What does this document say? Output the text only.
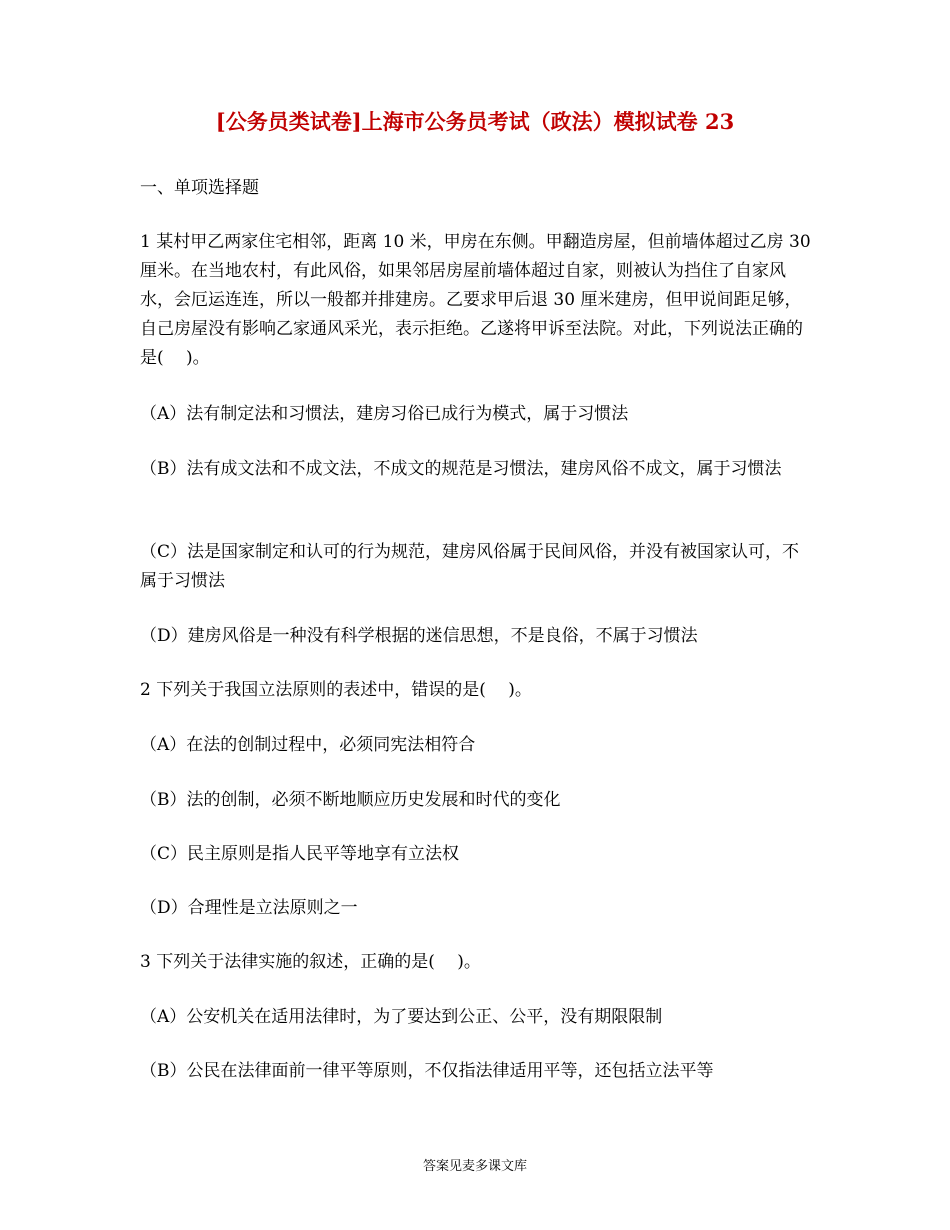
[公务员类试卷]上海市公务员考试（政法）模拟试卷 23
一、单项选择题
1 某村甲乙两家住宅相邻，距离 10 米，甲房在东侧。甲翻造房屋，但前墙体超过乙房 30 厘米。在当地农村，有此风俗，如果邻居房屋前墙体超过自家，则被认为挡住了自家风水，会厄运连连，所以一般都并排建房。乙要求甲后退 30 厘米建房，但甲说间距足够，自己房屋没有影响乙家通风采光，表示拒绝。乙遂将甲诉至法院。对此，下列说法正确的是(　 )。
（A）法有制定法和习惯法，建房习俗已成行为模式，属于习惯法
（B）法有成文法和不成文法，不成文的规范是习惯法，建房风俗不成文，属于习惯法
（C）法是国家制定和认可的行为规范，建房风俗属于民间风俗，并没有被国家认可，不属于习惯法
（D）建房风俗是一种没有科学根据的迷信思想，不是良俗，不属于习惯法
2 下列关于我国立法原则的表述中，错误的是(　 )。
（A）在法的创制过程中，必须同宪法相符合
（B）法的创制，必须不断地顺应历史发展和时代的变化
（C）民主原则是指人民平等地享有立法权
（D）合理性是立法原则之一
3 下列关于法律实施的叙述，正确的是(　 )。
（A）公安机关在适用法律时，为了要达到公正、公平，没有期限限制
（B）公民在法律面前一律平等原则，不仅指法律适用平等，还包括立法平等
答案见麦多课文库
